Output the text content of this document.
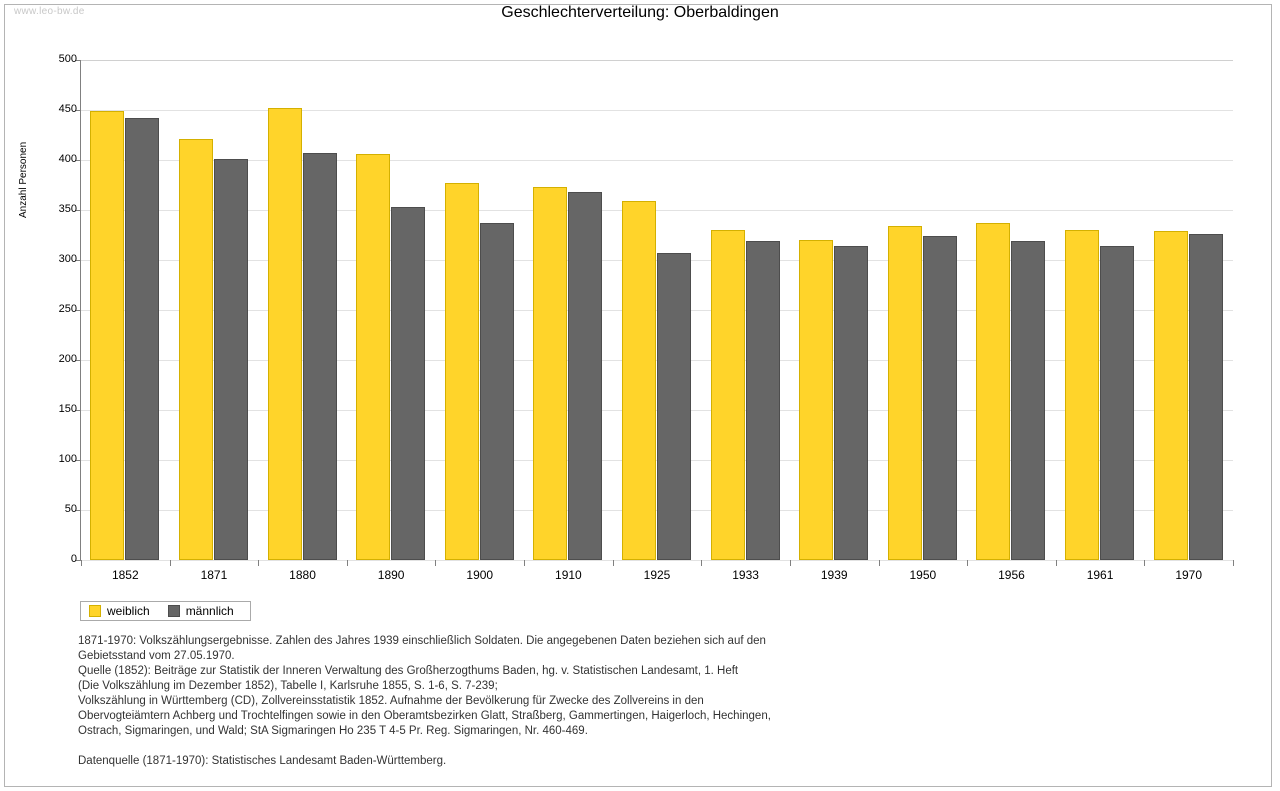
www.leo-bw.de	Geschlechterverteilung: Oberbaldingen
Anzahl Personen
0
50
100
150
200
250
300
350
400
450
500
1852	1871	1880	1890	1900	1910	1925	1933	1939	1950	1956	1961	1970
weiblich	männlich

1871-1970: Volkszählungsergebnisse. Zahlen des Jahres 1939 einschließlich Soldaten. Die angegebenen Daten beziehen sich auf den

Gebietsstand vom 27.05.1970.

Quelle (1852): Beiträge zur Statistik der Inneren Verwaltung des Großherzogthums Baden, hg. v. Statistischen Landesamt, 1. Heft

(Die Volkszählung im Dezember 1852), Tabelle I, Karlsruhe 1855, S. 1-6, S. 7-239;

Volkszählung in Württemberg (CD), Zollvereinsstatistik 1852. Aufnahme der Bevölkerung für Zwecke des Zollvereins in den

Obervogteiämtern Achberg und Trochtelfingen sowie in den Oberamtsbezirken Glatt, Straßberg, Gammertingen, Haigerloch, Hechingen,

Ostrach, Sigmaringen, und Wald; StA Sigmaringen Ho 235 T 4-5 Pr. Reg. Sigmaringen, Nr. 460-469.

Datenquelle (1871-1970): Statistisches Landesamt Baden-Württemberg.
